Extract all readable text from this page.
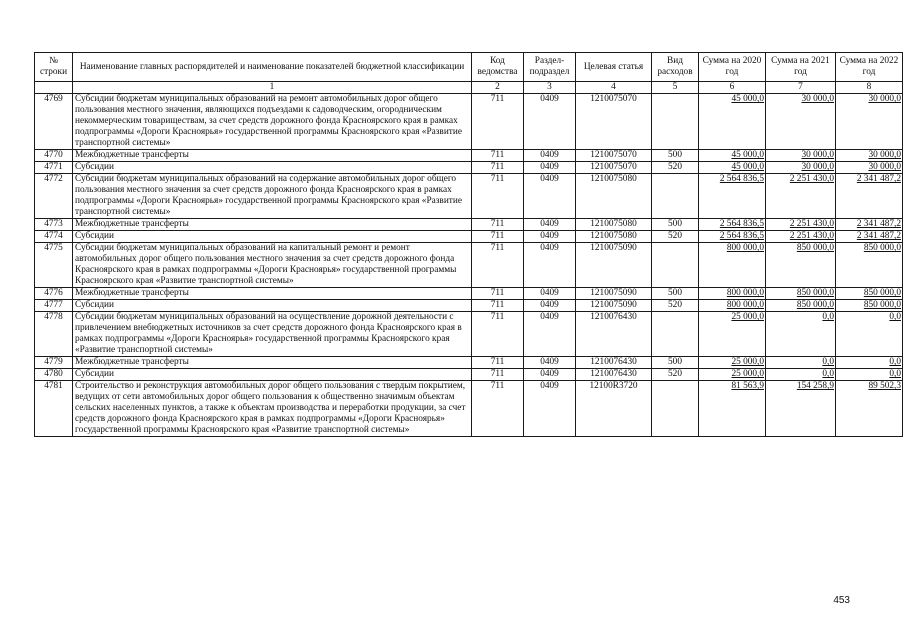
№ строки	Наименование главных распорядителей и наименование показателей бюджетной классификации	Код ведомства	Раздел-подраздел	Целевая статья	Вид расходов	Сумма на 2020 год	Сумма на 2021 год	Сумма на 2022 год
	1	2	3	4	5	6	7	8
4769	Субсидии бюджетам муниципальных образований на ремонт автомобильных дорог общего пользования местного значения, являющихся подъездами к садоводческим, огородническим некоммерческим товариществам, за счет средств дорожного фонда Красноярского края в рамках подпрограммы «Дороги Красноярья» государственной программы Красноярского края «Развитие транспортной системы»	711	0409	1210075070		45 000,0	30 000,0	30 000,0
4770	Межбюджетные трансферты	711	0409	1210075070	500	45 000,0	30 000,0	30 000,0
4771	Субсидии	711	0409	1210075070	520	45 000,0	30 000,0	30 000,0
4772	Субсидии бюджетам муниципальных образований на содержание автомобильных дорог общего пользования местного значения за счет средств дорожного фонда Красноярского края в рамках подпрограммы «Дороги Красноярья» государственной программы Красноярского края «Развитие транспортной системы»	711	0409	1210075080		2 564 836,5	2 251 430,0	2 341 487,2
4773	Межбюджетные трансферты	711	0409	1210075080	500	2 564 836,5	2 251 430,0	2 341 487,2
4774	Субсидии	711	0409	1210075080	520	2 564 836,5	2 251 430,0	2 341 487,2
4775	Субсидии бюджетам муниципальных образований на капитальный ремонт и ремонт автомобильных дорог общего пользования местного значения за счет средств дорожного фонда Красноярского края в рамках подпрограммы «Дороги Красноярья» государственной программы Красноярского края «Развитие транспортной системы»	711	0409	1210075090		800 000,0	850 000,0	850 000,0
4776	Межбюджетные трансферты	711	0409	1210075090	500	800 000,0	850 000,0	850 000,0
4777	Субсидии	711	0409	1210075090	520	800 000,0	850 000,0	850 000,0
4778	Субсидии бюджетам муниципальных образований на осуществление дорожной деятельности с привлечением внебюджетных источников за счет средств дорожного фонда Красноярского края в рамках подпрограммы «Дороги Красноярья» государственной программы Красноярского края «Развитие транспортной системы»	711	0409	1210076430		25 000,0	0,0	0,0
4779	Межбюджетные трансферты	711	0409	1210076430	500	25 000,0	0,0	0,0
4780	Субсидии	711	0409	1210076430	520	25 000,0	0,0	0,0
4781	Строительство и реконструкция автомобильных дорог общего пользования с твердым покрытием, ведущих от сети автомобильных дорог общего пользования к общественно значимым объектам сельских населенных пунктов, а также к объектам производства и переработки продукции, за счет средств дорожного фонда Красноярского края в рамках подпрограммы «Дороги Красноярья» государственной программы Красноярского края «Развитие транспортной системы»	711	0409	12100R3720		81 563,9	154 258,9	89 502,3
453
